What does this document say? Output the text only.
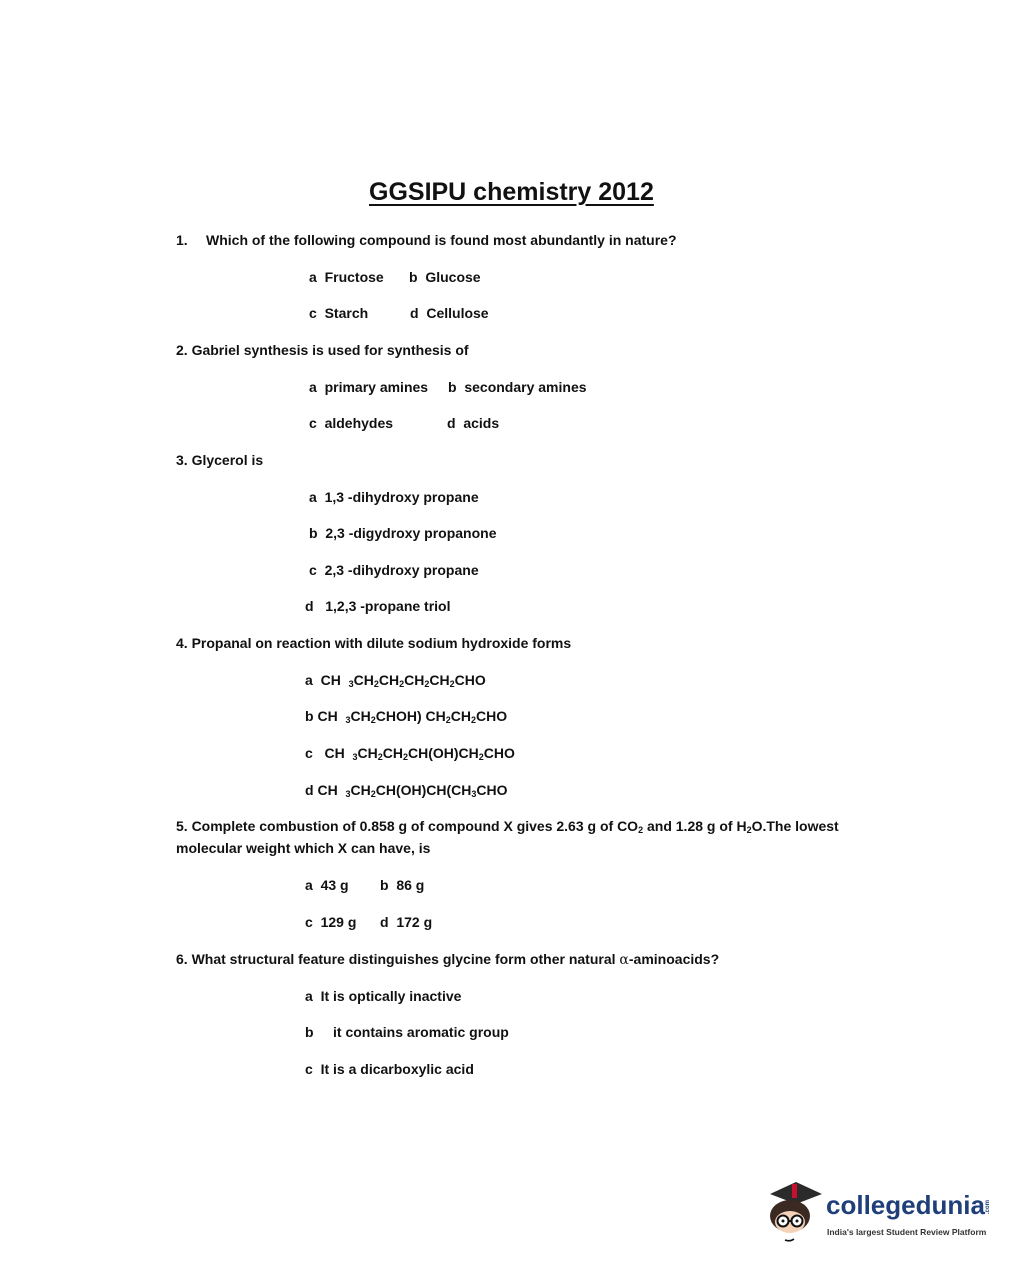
GGSIPU chemistry 2012
1. Which of the following compound is found most abundantly in nature?
a Fructose b Glucose
c Starch	d Cellulose
2. Gabriel synthesis is used for synthesis of
a primary amines b secondary amines
c aldehydes	d acids
3. Glycerol is
a 1,3 -dihydroxy propane
b 2,3 -digydroxy propanone
c 2,3 -dihydroxy propane
d 1,2,3 -propane triol
4. Propanal on reaction with dilute sodium hydroxide forms
a CH $_3CH_2CH_2CH_2CH_2CHO$
b CH $_3CH_2CHOH$) $CH_2CH_2CHO$
c CH $_3CH_2CH_2CH(OH)CH_2CHO$
d CH $_3CH_2CH(OH)CH(CH_3CHO$
5. Complete combustion of 0.858 g of compound X gives 2.63 g of $CO_2$ and 1.28 g of $H_2O.The$ lowest
molecular weight which X can have, is
a 43 g b 86 g
c 129 g d 172 g
6. What structural feature distinguishes glycine form other natural α-aminoacids?
a It is optically inactive
b it contains aromatic group
c It is a dicarboxylic acid
collegedunia .com
India's largest Student Review Platform
